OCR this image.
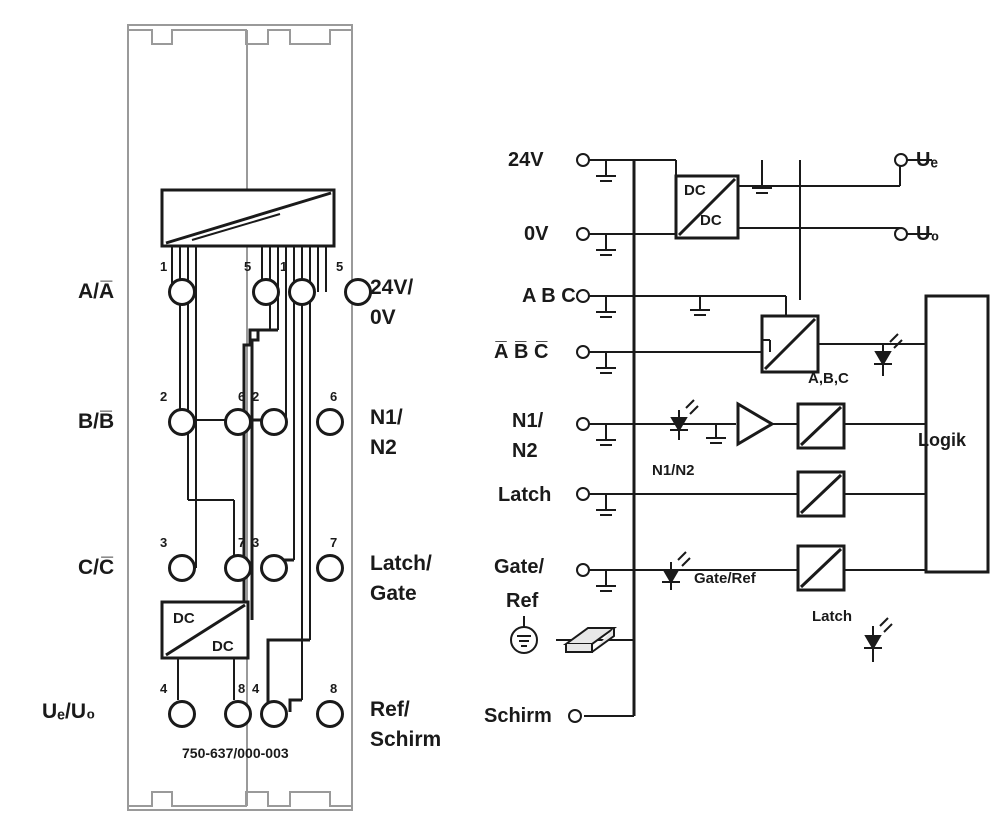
1	5 1	5
2	6 2	6
3	7 3	7
4	8 4	8
DC
DC
750-637/000-003
A/A̅
B/B̅
C/C̅
Uₑ/U₀
24V/
0V
N1/
N2
Latch/
Gate
Ref/
Schirm
24V
0V
A B C
A̅ B̅ C̅
N1/
N2
Latch
Gate/
Ref
Schirm
Uₑ
U₀
DC
DC
Logik
A,B,C
N1/N2
Gate/Ref
Latch
